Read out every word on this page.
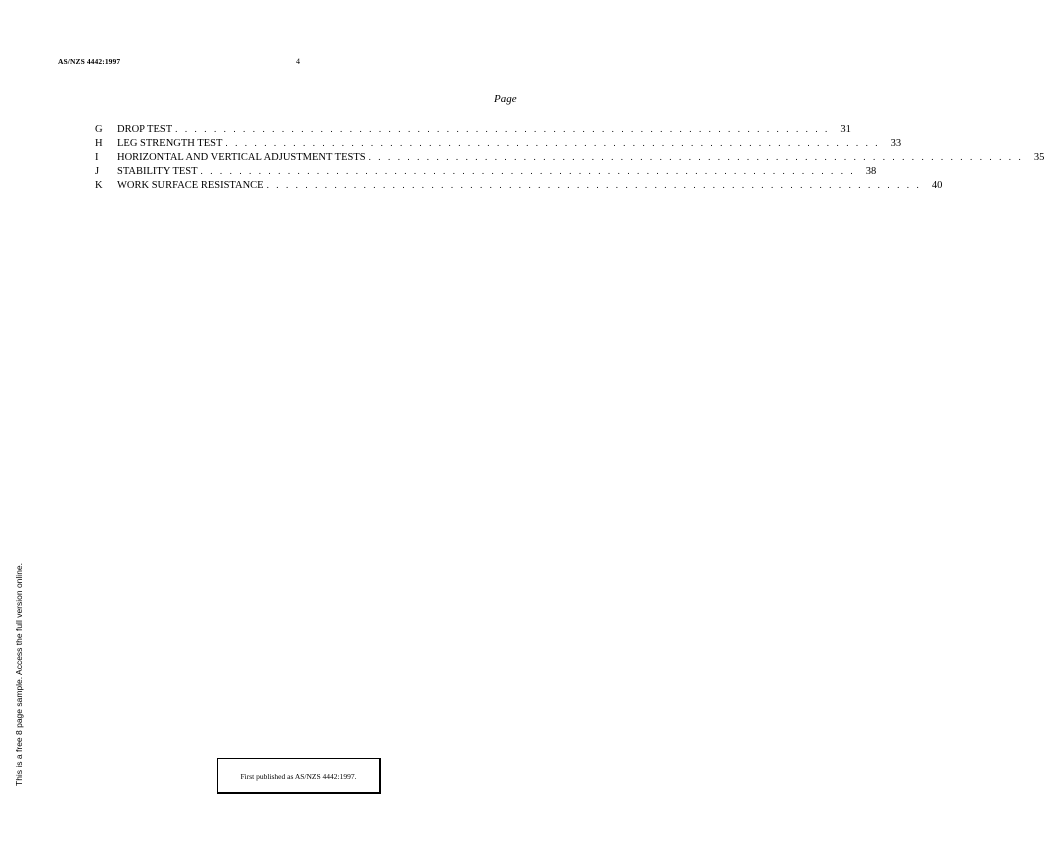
AS/NZS 4442:1997	4
Page
G	DROP TEST . . . . . . . . . . . . . . . . . . . . . . . . . . . . . . . . . . . . . . . . . . . . . . . . . . . . . . . . . . . . . . . . . . . .	31
H	LEG STRENGTH TEST . . . . . . . . . . . . . . . . . . . . . . . . . . . . . . . . . . . . . . . . . . . . . . . . . . . . . . . . . . . . . . . . . . . .	33
I	HORIZONTAL AND VERTICAL ADJUSTMENT TESTS . . . . . . . . . . . . . . . . . . . . . . . . . . . . . . . . . . . . . . . . . . . . . . . . . . . . . . . . . . . . . . . . . . . .	35
J	STABILITY TEST . . . . . . . . . . . . . . . . . . . . . . . . . . . . . . . . . . . . . . . . . . . . . . . . . . . . . . . . . . . . . . . . . . . .	38
K	WORK SURFACE RESISTANCE . . . . . . . . . . . . . . . . . . . . . . . . . . . . . . . . . . . . . . . . . . . . . . . . . . . . . . . . . . . . . . . . . . . .	40
This is a free 8 page sample. Access the full version online.	First published as AS/NZS 4442:1997.
